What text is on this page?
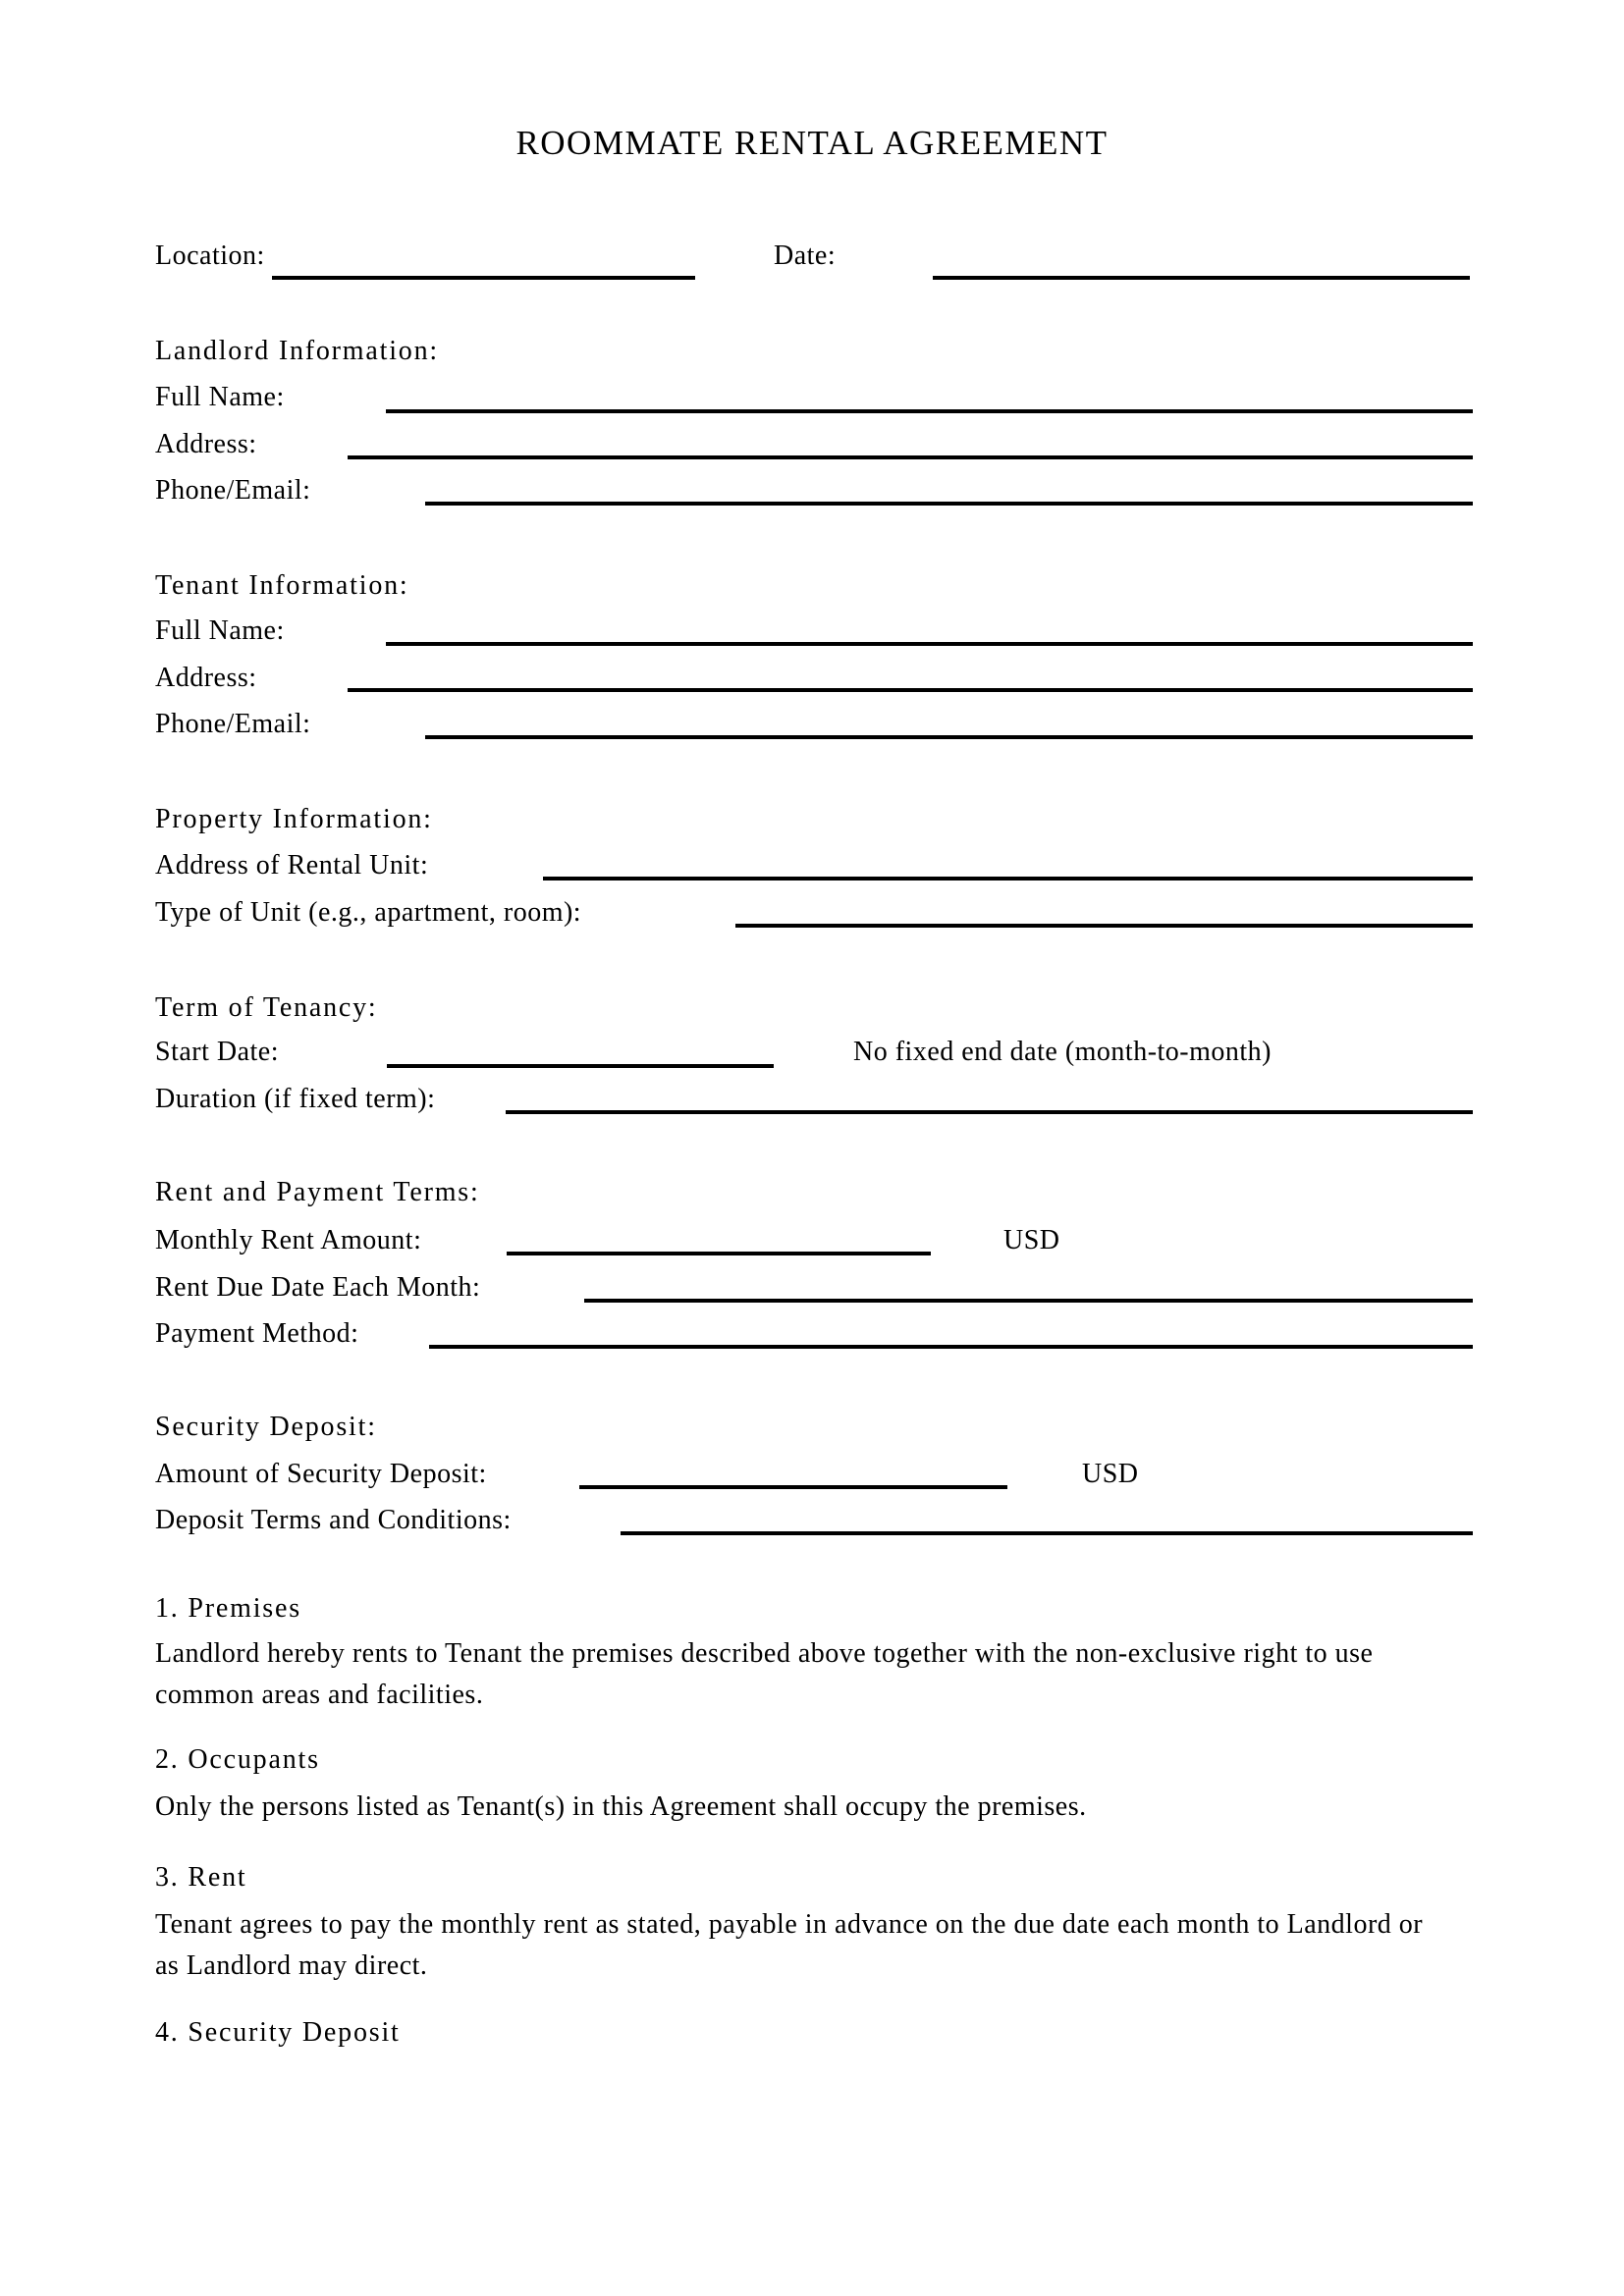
ROOMMATE RENTAL AGREEMENT
Location:	Date:
Landlord Information:
Full Name:
Address:
Phone/Email:
Tenant Information:
Full Name:
Address:
Phone/Email:
Property Information:
Address of Rental Unit:
Type of Unit (e.g., apartment, room):
Term of Tenancy:
Start Date:	No fixed end date (month-to-month)
Duration (if fixed term):
Rent and Payment Terms:
Monthly Rent Amount:	USD
Rent Due Date Each Month:
Payment Method:
Security Deposit:
Amount of Security Deposit:	USD
Deposit Terms and Conditions:
1. Premises
Landlord hereby rents to Tenant the premises described above together with the non-exclusive right to use common areas and facilities.
2. Occupants
Only the persons listed as Tenant(s) in this Agreement shall occupy the premises.
3. Rent
Tenant agrees to pay the monthly rent as stated, payable in advance on the due date each month to Landlord or as Landlord may direct.
4. Security Deposit
